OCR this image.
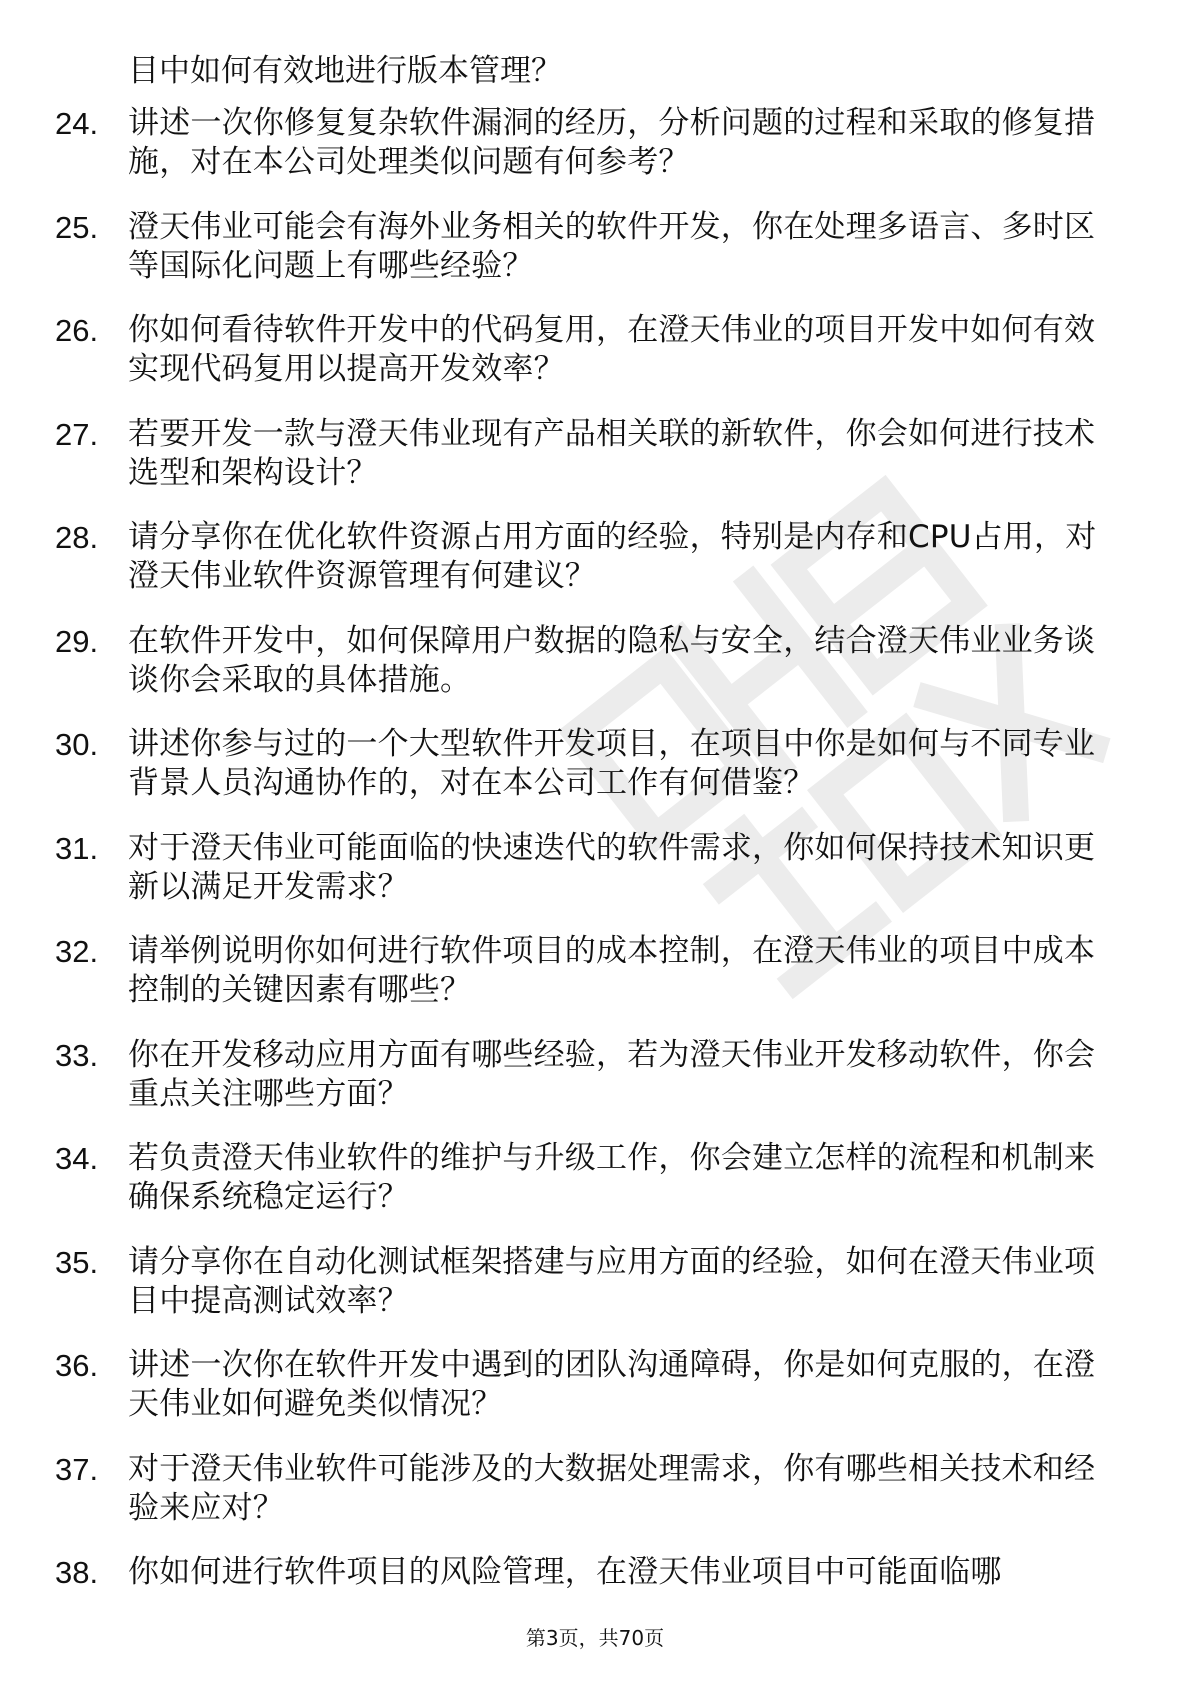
目中如何有效地进行版本管理？
24. 讲述一次你修复复杂软件漏洞的经历，分析问题的过程和采取的修复措施，对在本公司处理类似问题有何参考？
25. 澄天伟业可能会有海外业务相关的软件开发，你在处理多语言、多时区等国际化问题上有哪些经验？
26. 你如何看待软件开发中的代码复用，在澄天伟业的项目开发中如何有效实现代码复用以提高开发效率？
27. 若要开发一款与澄天伟业现有产品相关联的新软件，你会如何进行技术选型和架构设计？
28. 请分享你在优化软件资源占用方面的经验，特别是内存和CPU占用，对澄天伟业软件资源管理有何建议？
29. 在软件开发中，如何保障用户数据的隐私与安全，结合澄天伟业业务谈谈你会采取的具体措施。
30. 讲述你参与过的一个大型软件开发项目，在项目中你是如何与不同专业背景人员沟通协作的，对在本公司工作有何借鉴？
31. 对于澄天伟业可能面临的快速迭代的软件需求，你如何保持技术知识更新以满足开发需求？
32. 请举例说明你如何进行软件项目的成本控制，在澄天伟业的项目中成本控制的关键因素有哪些？
33. 你在开发移动应用方面有哪些经验，若为澄天伟业开发移动软件，你会重点关注哪些方面？
34. 若负责澄天伟业软件的维护与升级工作，你会建立怎样的流程和机制来确保系统稳定运行？
35. 请分享你在自动化测试框架搭建与应用方面的经验，如何在澄天伟业项目中提高测试效率？
36. 讲述一次你在软件开发中遇到的团队沟通障碍，你是如何克服的，在澄天伟业如何避免类似情况？
37. 对于澄天伟业软件可能涉及的大数据处理需求，你有哪些相关技术和经验来应对？
38. 你如何进行软件项目的风险管理，在澄天伟业项目中可能面临哪
第3页，共70页
